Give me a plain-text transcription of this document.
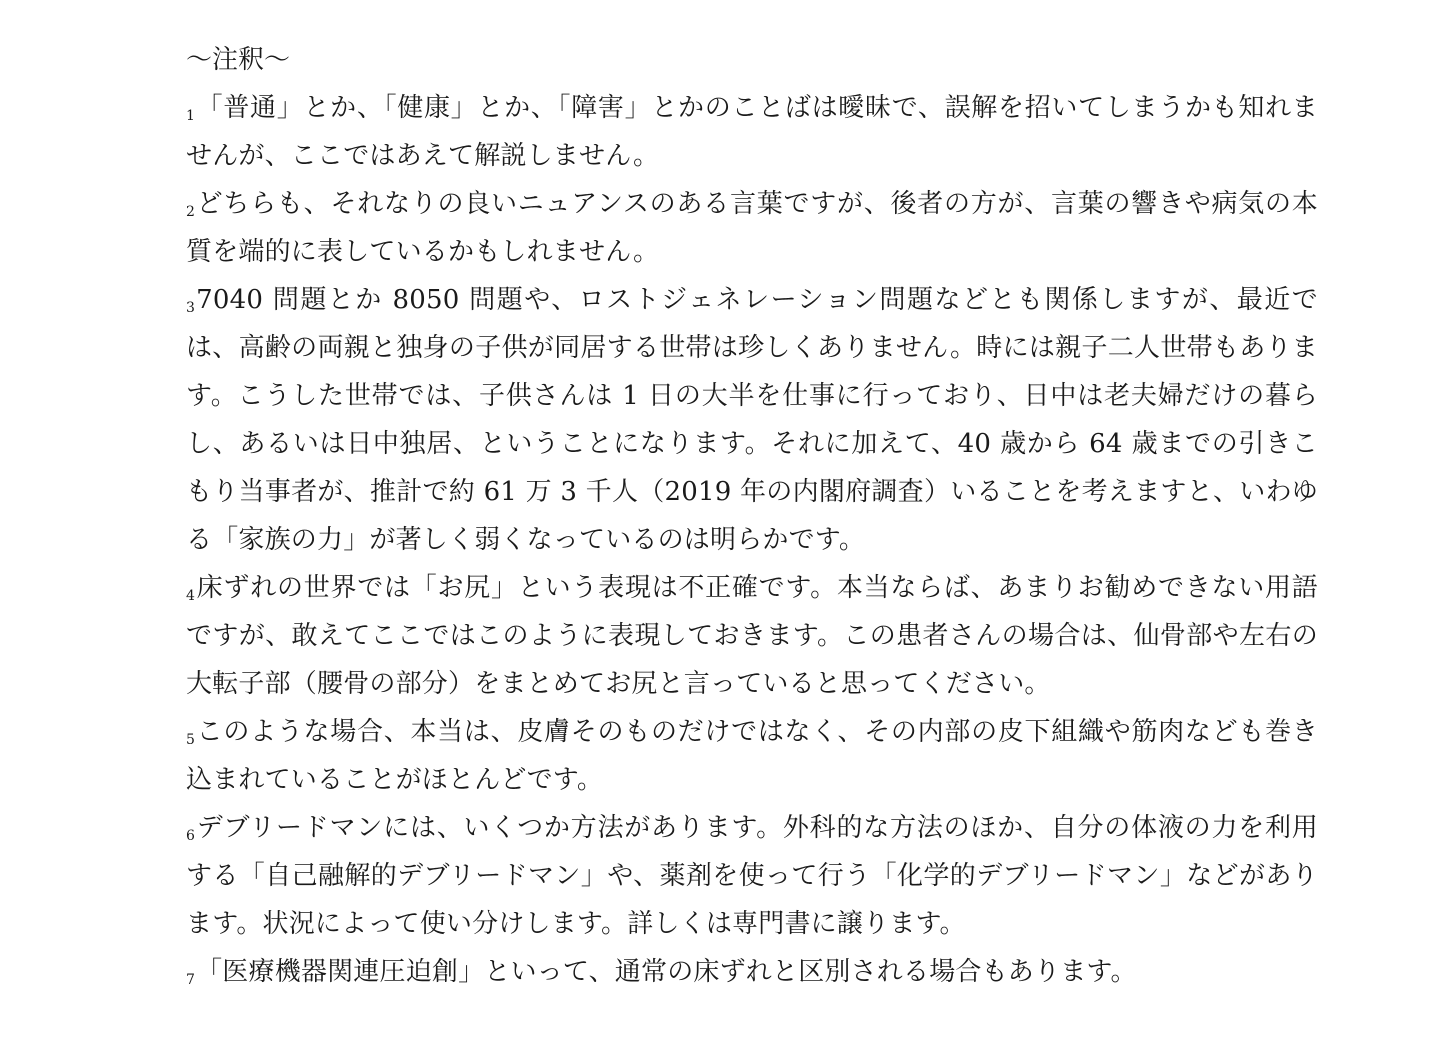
〜注釈〜

1「普通」とか、「健康」とか、「障害」とかのことばは曖昧で、誤解を招いてしまうかも知れませんが、ここではあえて解説しません。

2どちらも、それなりの良いニュアンスのある言葉ですが、後者の方が、言葉の響きや病気の本質を端的に表しているかもしれません。

37040 問題とか 8050 問題や、ロストジェネレーション問題などとも関係しますが、最近では、高齢の両親と独身の子供が同居する世帯は珍しくありません。時には親子二人世帯もあります。こうした世帯では、子供さんは 1 日の大半を仕事に行っており、日中は老夫婦だけの暮らし、あるいは日中独居、ということになります。それに加えて、40 歳から 64 歳までの引きこもり当事者が、推計で約 61 万 3 千人（2019 年の内閣府調査）いることを考えますと、いわゆる「家族の力」が著しく弱くなっているのは明らかです。

4床ずれの世界では「お尻」という表現は不正確です。本当ならば、あまりお勧めできない用語ですが、敢えてここではこのように表現しておきます。この患者さんの場合は、仙骨部や左右の大転子部（腰骨の部分）をまとめてお尻と言っていると思ってください。

5このような場合、本当は、皮膚そのものだけではなく、その内部の皮下組織や筋肉なども巻き込まれていることがほとんどです。

6デブリードマンには、いくつか方法があります。外科的な方法のほか、自分の体液の力を利用する「自己融解的デブリードマン」や、薬剤を使って行う「化学的デブリードマン」などがあります。状況によって使い分けします。詳しくは専門書に譲ります。

7「医療機器関連圧迫創」といって、通常の床ずれと区別される場合もあります。
